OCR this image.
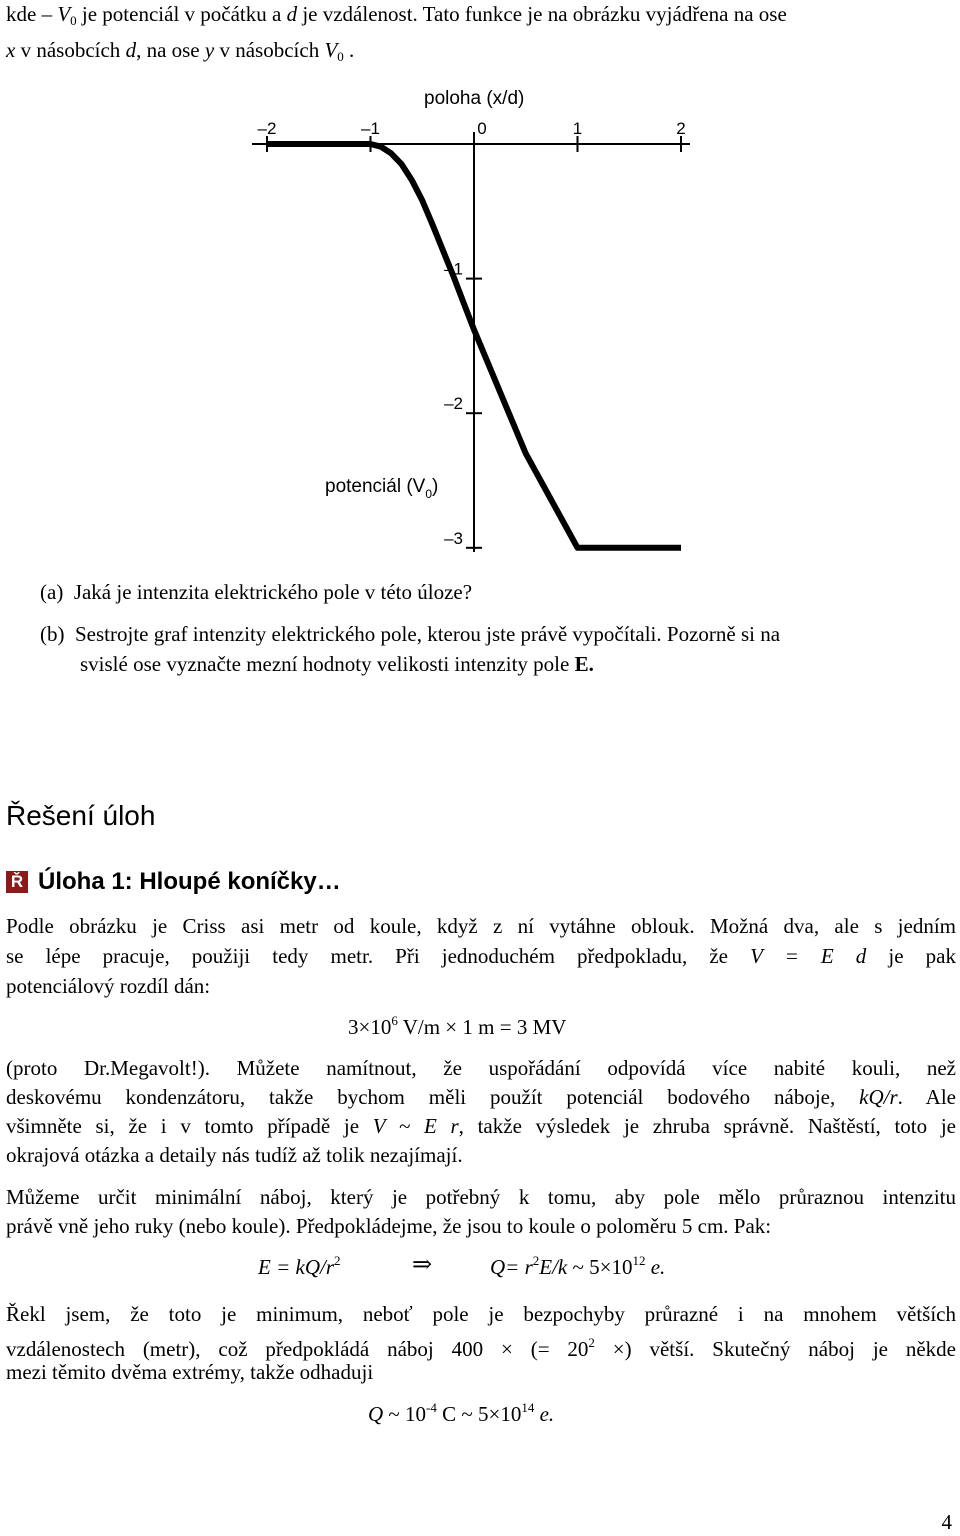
kde – $V_0$ je potenciál v počátku a d je vzdálenost. Tato funkce je na obrázku vyjádřena na ose
x v násobcích d, na ose y v násobcích $V_0$ .
poloha (x/d)
–2	–1	0	1	2
–1
–2
–3
potenciál $(V_0)$
(a) Jaká je intenzita elektrického pole v této úloze?
(b) Sestrojte graf intenzity elektrického pole, kterou jste právě vypočítali. Pozorně si na
svislé ose vyznačte mezní hodnoty velikosti intenzity pole E.
Řešení úloh
Ř Úloha 1: Hloupé koníčky…
Podle obrázku je Criss asi metr od koule, když z ní vytáhne oblouk. Možná dva, ale s jedním
se lépe pracuje, použiji tedy metr. Při jednoduchém předpokladu, že V = E d je pak
potenciálový rozdíl dán:
$3\times 10^6$ V/m × 1 m = 3 MV
(proto Dr.Megavolt!). Můžete namítnout, že uspořádání odpovídá více nabité kouli, než
deskovému kondenzátoru, takže bychom měli použít potenciál bodového náboje, kQ/r. Ale
všimněte si, že i v tomto případě je V ~ E r, takže výsledek je zhruba správně. Naštěstí, toto je
okrajová otázka a detaily nás tudíž až tolik nezajímají.
Můžeme určit minimální náboj, který je potřebný k tomu, aby pole mělo průraznou intenzitu
právě vně jeho ruky (nebo koule). Předpokládejme, že jsou to koule o poloměru 5 cm. Pak:
$E = kQ/r^2$	⇒	$Q= r^2E/k$ ~ $5\times 10^{12}$ e.
Řekl jsem, že toto je minimum, neboť pole je bezpochyby průrazné i na mnohem větších
vzdálenostech (metr), což předpokládá náboj 400 × (= $20^2$ ×) větší. Skutečný náboj je někde
mezi těmito dvěma extrémy, takže odhaduji
Q ~ $10^{-4}$ C ~ $5\times 10^{14}$ e.
4
